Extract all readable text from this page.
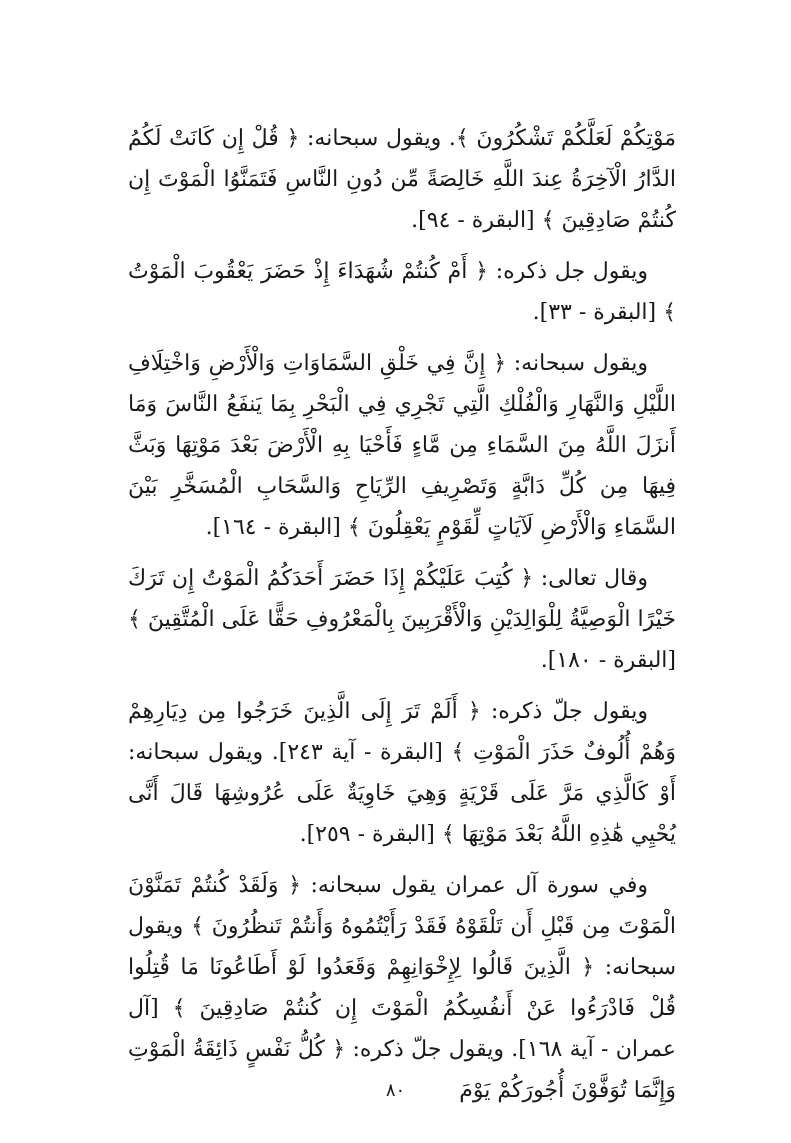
مَوْتِكُمْ لَعَلَّكُمْ تَشْكُرُونَ ﴾. ويقول سبحانه: ﴿ قُلْ إِن كَانَتْ لَكُمُ الدَّارُ الْآخِرَةُ عِندَ اللَّهِ خَالِصَةً مِّن دُونِ النَّاسِ فَتَمَنَّوُا الْمَوْتَ إِن كُنتُمْ صَادِقِينَ ﴾ [البقرة - ٩٤].

ويقول جل ذكره: ﴿ أَمْ كُنتُمْ شُهَدَاءَ إِذْ حَضَرَ يَعْقُوبَ الْمَوْتُ ﴾ [البقرة - ٣٣].

ويقول سبحانه: ﴿ إِنَّ فِي خَلْقِ السَّمَاوَاتِ وَالْأَرْضِ وَاخْتِلَافِ اللَّيْلِ وَالنَّهَارِ وَالْفُلْكِ الَّتِي تَجْرِي فِي الْبَحْرِ بِمَا يَنفَعُ النَّاسَ وَمَا أَنزَلَ اللَّهُ مِنَ السَّمَاءِ مِن مَّاءٍ فَأَحْيَا بِهِ الْأَرْضَ بَعْدَ مَوْتِهَا وَبَثَّ فِيهَا مِن كُلِّ دَابَّةٍ وَتَصْرِيفِ الرِّيَاحِ وَالسَّحَابِ الْمُسَخَّرِ بَيْنَ السَّمَاءِ وَالْأَرْضِ لَآيَاتٍ لِّقَوْمٍ يَعْقِلُونَ ﴾ [البقرة - ١٦٤].

وقال تعالى: ﴿ كُتِبَ عَلَيْكُمْ إِذَا حَضَرَ أَحَدَكُمُ الْمَوْتُ إِن تَرَكَ خَيْرًا الْوَصِيَّةُ لِلْوَالِدَيْنِ وَالْأَقْرَبِينَ بِالْمَعْرُوفِ حَقًّا عَلَى الْمُتَّقِينَ ﴾ [البقرة - ١٨٠].

ويقول جلّ ذكره: ﴿ أَلَمْ تَرَ إِلَى الَّذِينَ خَرَجُوا مِن دِيَارِهِمْ وَهُمْ أُلُوفٌ حَذَرَ الْمَوْتِ ﴾ [البقرة - آية ٢٤٣]. ويقول سبحانه: أَوْ كَالَّذِي مَرَّ عَلَى قَرْيَةٍ وَهِيَ خَاوِيَةٌ عَلَى عُرُوشِهَا قَالَ أَنَّى يُحْيِي هَٰذِهِ اللَّهُ بَعْدَ مَوْتِهَا ﴾ [البقرة - ٢٥٩].

وفي سورة آل عمران يقول سبحانه: ﴿ وَلَقَدْ كُنتُمْ تَمَنَّوْنَ الْمَوْتَ مِن قَبْلِ أَن تَلْقَوْهُ فَقَدْ رَأَيْتُمُوهُ وَأَنتُمْ تَنظُرُونَ ﴾ ويقول سبحانه: ﴿ الَّذِينَ قَالُوا لِإِخْوَانِهِمْ وَقَعَدُوا لَوْ أَطَاعُونَا مَا قُتِلُوا قُلْ فَادْرَءُوا عَنْ أَنفُسِكُمُ الْمَوْتَ إِن كُنتُمْ صَادِقِينَ ﴾ [آل عمران - آية ١٦٨]. ويقول جلّ ذكره: ﴿ كُلُّ نَفْسٍ ذَائِقَةُ الْمَوْتِ وَإِنَّمَا تُوَفَّوْنَ أُجُورَكُمْ يَوْمَ

٨٠
